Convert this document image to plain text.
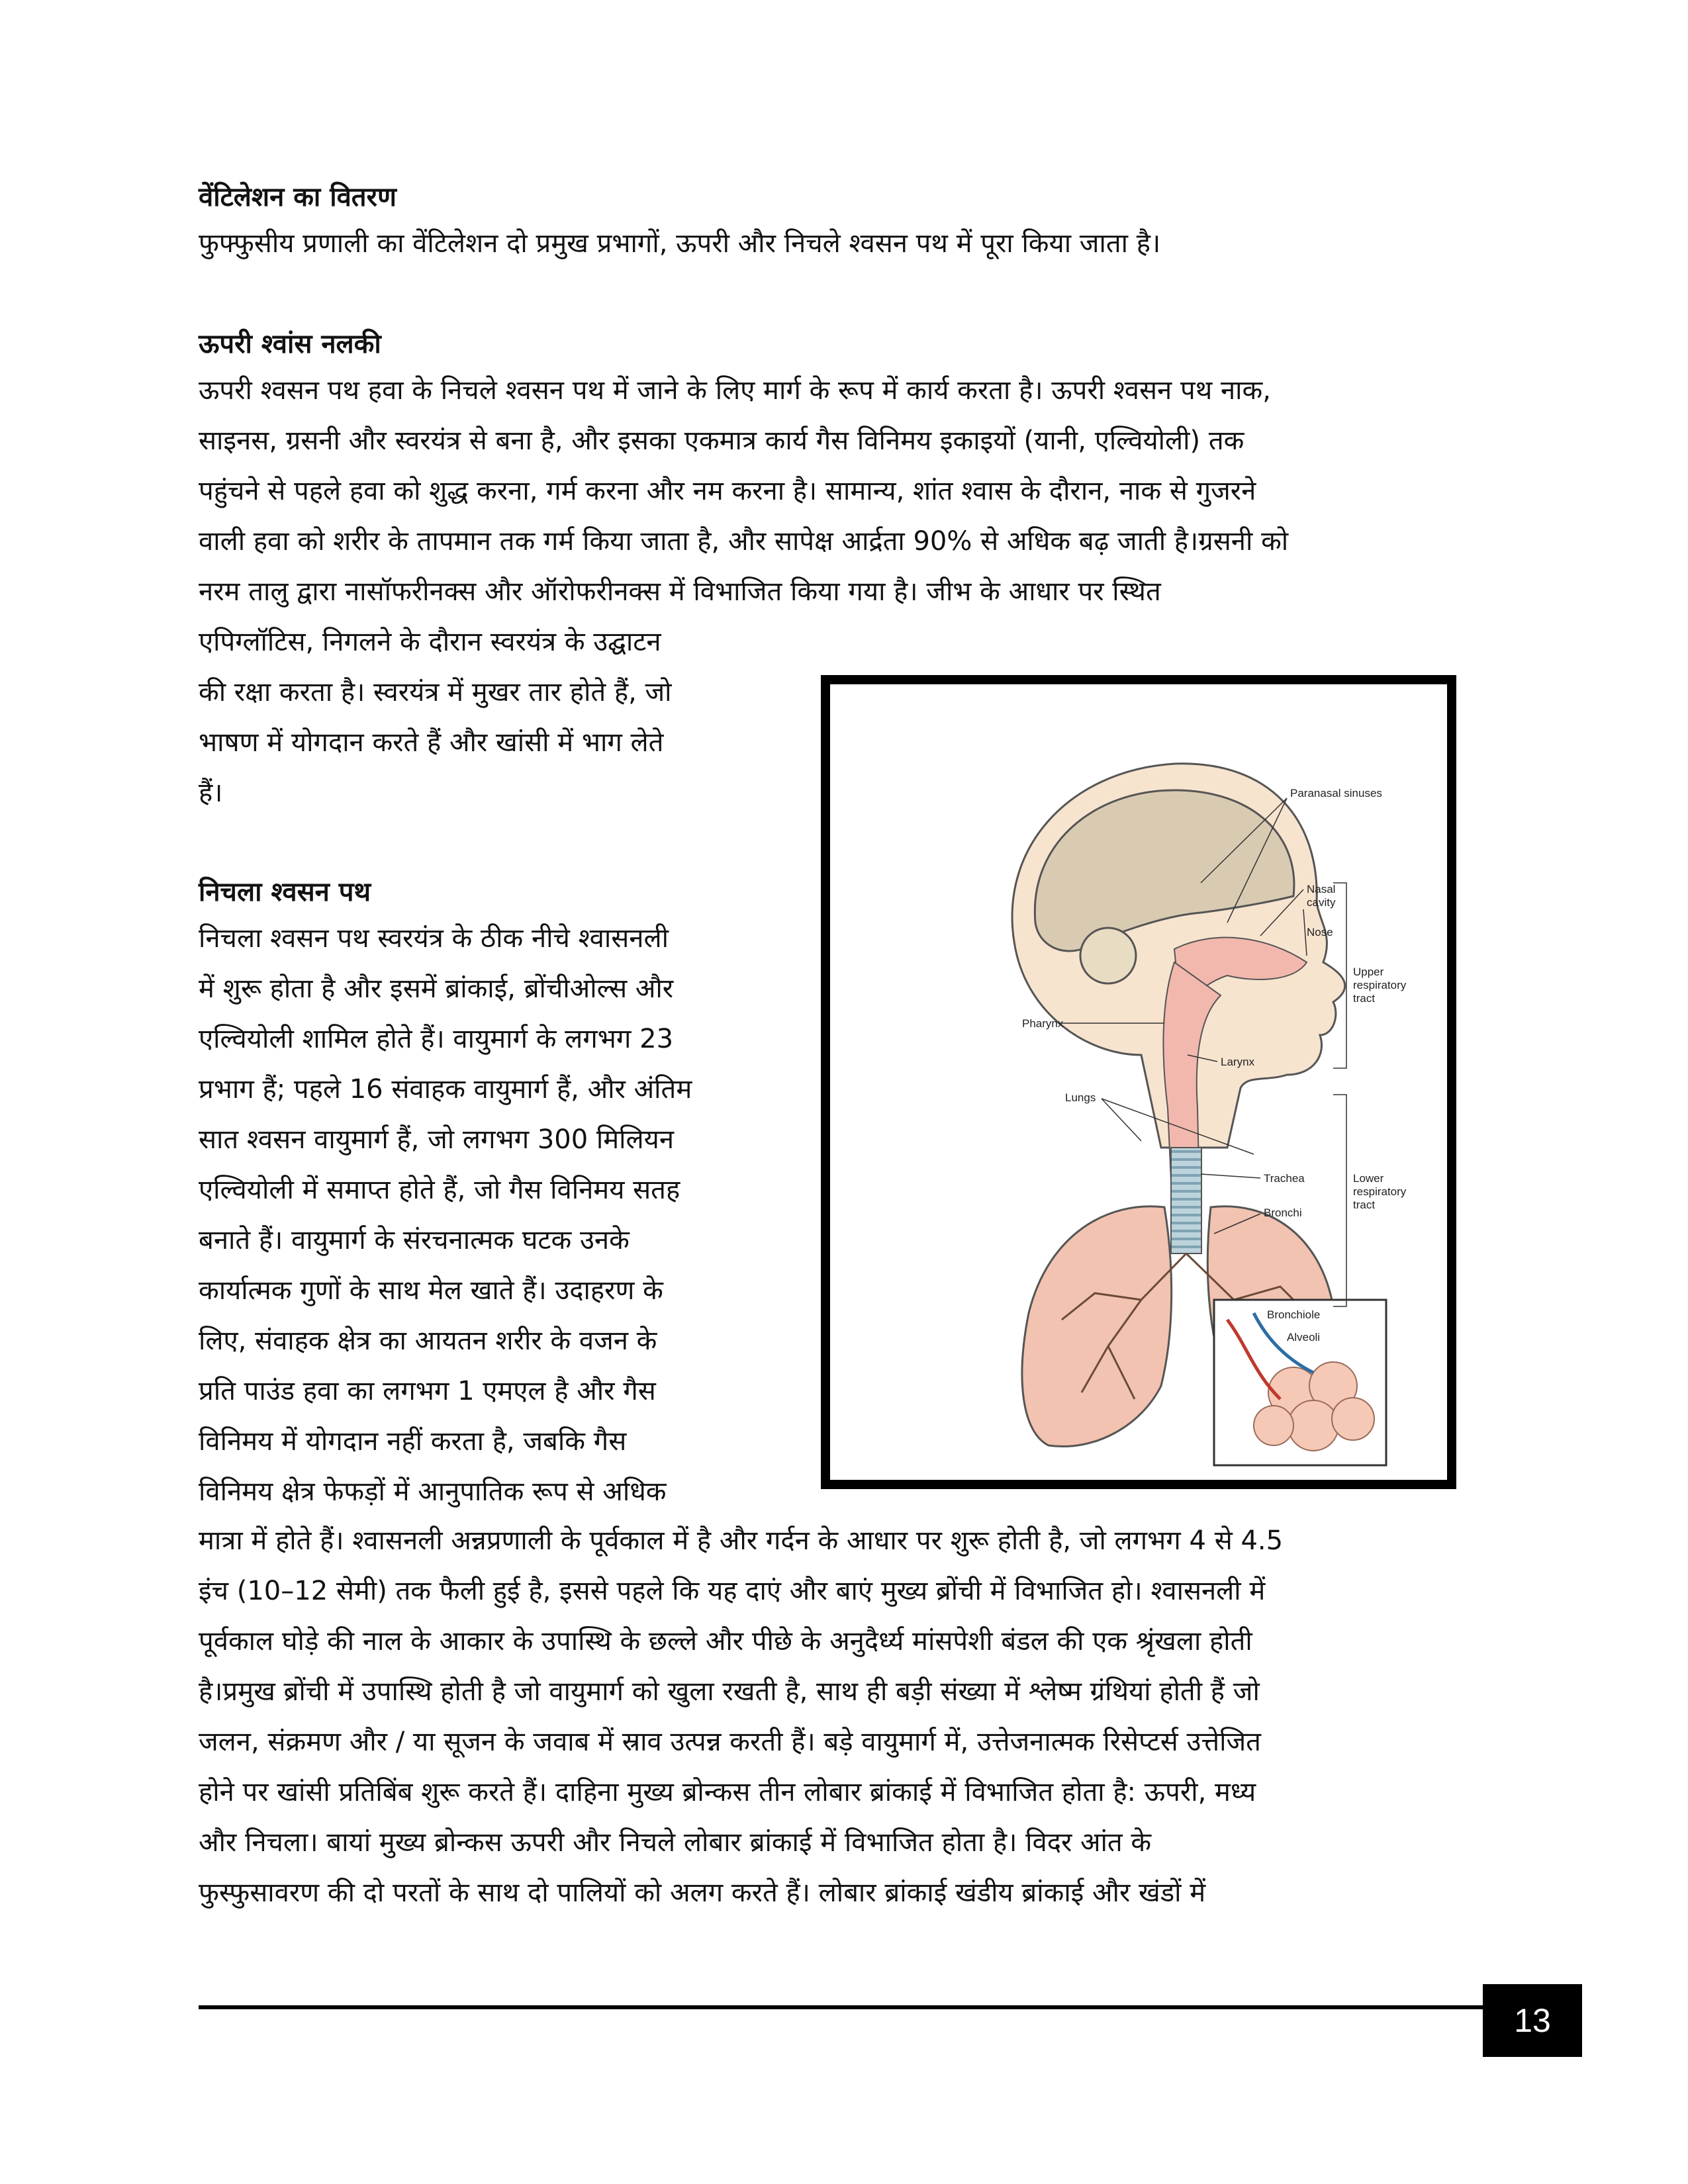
वेंटिलेशन का वितरण

फुफ्फुसीय प्रणाली का वेंटिलेशन दो प्रमुख प्रभागों, ऊपरी और निचले श्वसन पथ में पूरा किया जाता है।

ऊपरी श्वांस नलकी

ऊपरी श्वसन पथ हवा के निचले श्वसन पथ में जाने के लिए मार्ग के रूप में कार्य करता है। ऊपरी श्वसन पथ नाक,
साइनस, ग्रसनी और स्वरयंत्र से बना है, और इसका एकमात्र कार्य गैस विनिमय इकाइयों (यानी, एल्वियोली) तक
पहुंचने से पहले हवा को शुद्ध करना, गर्म करना और नम करना है। सामान्य, शांत श्वास के दौरान, नाक से गुजरने
वाली हवा को शरीर के तापमान तक गर्म किया जाता है, और सापेक्ष आर्द्रता 90% से अधिक बढ़ जाती है।ग्रसनी को
नरम तालु द्वारा नासॉफरीनक्स और ऑरोफरीनक्स में विभाजित किया गया है। जीभ के आधार पर स्थित
एपिग्लॉटिस, निगलने के दौरान स्वरयंत्र के उद्घाटन
की रक्षा करता है। स्वरयंत्र में मुखर तार होते हैं, जो
भाषण में योगदान करते हैं और खांसी में भाग लेते
हैं।

निचला श्वसन पथ

निचला श्वसन पथ स्वरयंत्र के ठीक नीचे श्वासनली
में शुरू होता है और इसमें ब्रांकाई, ब्रोंचीओल्स और
एल्वियोली शामिल होते हैं। वायुमार्ग के लगभग 23
प्रभाग हैं; पहले 16 संवाहक वायुमार्ग हैं, और अंतिम
सात श्वसन वायुमार्ग हैं, जो लगभग 300 मिलियन
एल्वियोली में समाप्त होते हैं, जो गैस विनिमय सतह
बनाते हैं। वायुमार्ग के संरचनात्मक घटक उनके
कार्यात्मक गुणों के साथ मेल खाते हैं। उदाहरण के
लिए, संवाहक क्षेत्र का आयतन शरीर के वजन के
प्रति पाउंड हवा का लगभग 1 एमएल है और गैस
विनिमय में योगदान नहीं करता है, जबकि गैस
विनिमय क्षेत्र फेफड़ों में आनुपातिक रूप से अधिक
मात्रा में होते हैं। श्वासनली अन्नप्रणाली के पूर्वकाल में है और गर्दन के आधार पर शुरू होती है, जो लगभग 4 से 4.5
इंच (10–12 सेमी) तक फैली हुई है, इससे पहले कि यह दाएं और बाएं मुख्य ब्रोंची में विभाजित हो। श्वासनली में
पूर्वकाल घोड़े की नाल के आकार के उपास्थि के छल्ले और पीछे के अनुदैर्ध्य मांसपेशी बंडल की एक श्रृंखला होती
है।प्रमुख ब्रोंची में उपास्थि होती है जो वायुमार्ग को खुला रखती है, साथ ही बड़ी संख्या में श्लेष्म ग्रंथियां होती हैं जो
जलन, संक्रमण और / या सूजन के जवाब में स्राव उत्पन्न करती हैं। बड़े वायुमार्ग में, उत्तेजनात्मक रिसेप्टर्स उत्तेजित
होने पर खांसी प्रतिबिंब शुरू करते हैं। दाहिना मुख्य ब्रोन्कस तीन लोबार ब्रांकाई में विभाजित होता है: ऊपरी, मध्य
और निचला। बायां मुख्य ब्रोन्कस ऊपरी और निचले लोबार ब्रांकाई में विभाजित होता है। विदर आंत के
फुस्फुसावरण की दो परतों के साथ दो पालियों को अलग करते हैं। लोबार ब्रांकाई खंडीय ब्रांकाई और खंडों में
Paranasal sinuses
Nasal
cavity
Nose
Pharynx
Upper
respiratory
tract
Larynx
Lungs
Trachea	Lower
respiratory
tract
Bronchi
Bronchiole
Alveoli
13
